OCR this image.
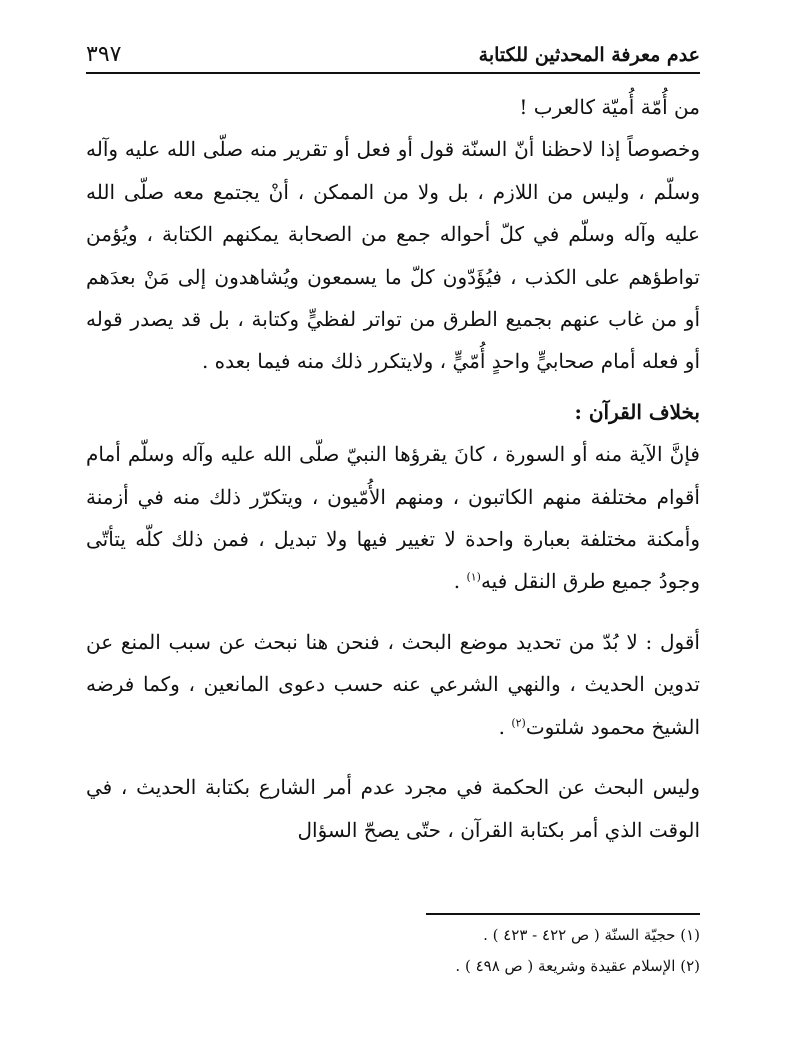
عدم معرفة المحدثين للكتابة
٣٩٧

من أُمّة أُميّة كالعرب !

وخصوصاً إذا لاحظنا أنّ السنّة قول أو فعل أو تقرير منه صلّى الله عليه وآله وسلّم ، وليس من اللازم ، بل ولا من الممكن ، أنْ يجتمع معه صلّى الله عليه وآله وسلّم في كلّ أحواله جمع من الصحابة يمكنهم الكتابة ، ويُؤمن تواطؤهم على الكذب ، فيُؤَدّون كلّ ما يسمعون ويُشاهدون إلى مَنْ بعدَهم أو من غاب عنهم بجميع الطرق من تواتر لفظيٍّ وكتابة ، بل قد يصدر قوله أو فعله أمام صحابيٍّ واحدٍ أُمّيٍّ ، ولايتكرر ذلك منه فيما بعده .

بخلاف القرآن :

فإنَّ الآية منه أو السورة ، كانَ يقرؤها النبيّ صلّى الله عليه وآله وسلّم أمام أقوام مختلفة منهم الكاتبون ، ومنهم الأُمّيون ، ويتكرّر ذلك منه في أزمنة وأمكنة مختلفة بعبارة واحدة لا تغيير فيها ولا تبديل ، فمن ذلك كلّه يتأتّى وجودُ جميع طرق النقل فيه$^{(١)}$ .

أقول : لا بُدّ من تحديد موضع البحث ، فنحن هنا نبحث عن سبب المنع عن تدوين الحديث ، والنهي الشرعي عنه حسب دعوى المانعين ، وكما فرضه الشيخ محمود شلتوت$^{(٢)}$ .

وليس البحث عن الحكمة في مجرد عدم أمر الشارع بكتابة الحديث ، في الوقت الذي أمر بكتابة القرآن ، حتّى يصحّ السؤال

(١) حجيّة السنّة ( ص ٤٢٢ - ٤٢٣ ) .

(٢) الإسلام عقيدة وشريعة ( ص ٤٩٨ ) .
